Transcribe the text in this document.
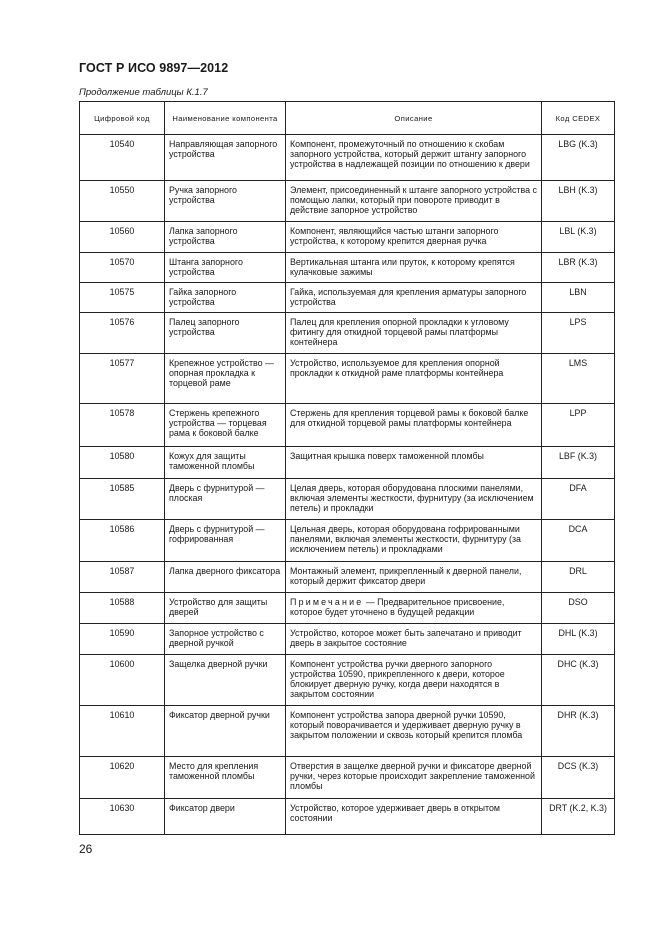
ГОСТ Р ИСО 9897—2012
Продолжение таблицы К.1.7
Цифровой код	Наименование компонента	Описание	Код CEDEX
10540	Направляющая запорного устройства	Компонент, промежуточный по отношению к скобам запорного устройства, который держит штангу запорного устройства в надлежащей позиции по отношению к двери	LBG (K.3)
10550	Ручка запорного устройства	Элемент, присоединенный к штанге запорного устройства с помощью лапки, который при повороте приводит в действие запорное устройство	LBH (K.3)
10560	Лапка запорного устройства	Компонент, являющийся частью штанги запорного устройства, к которому крепится дверная ручка	LBL (K.3)
10570	Штанга запорного устройства	Вертикальная штанга или пруток, к которому крепятся кулачковые зажимы	LBR (K.3)
10575	Гайка запорного устройства	Гайка, используемая для крепления арматуры запорного устройства	LBN
10576	Палец запорного устройства	Палец для крепления опорной прокладки к угловому фитингу для откидной торцевой рамы платформы контейнера	LPS
10577	Крепежное устройство — опорная прокладка к торцевой раме	Устройство, используемое для крепления опорной прокладки к откидной раме платформы контейнера	LMS
10578	Стержень крепежного устройства — торцевая рама к боковой балке	Стержень для крепления торцевой рамы к боковой балке для откидной торцевой рамы платформы контейнера	LPP
10580	Кожух для защиты таможенной пломбы	Защитная крышка поверх таможенной пломбы	LBF (K.3)
10585	Дверь с фурнитурой — плоская	Целая дверь, которая оборудована плоскими панелями, включая элементы жесткости, фурнитуру (за исключением петель) и прокладки	DFA
10586	Дверь с фурнитурой — гофрированная	Цельная дверь, которая оборудована гофрированными панелями, включая элементы жесткости, фурнитуру (за исключением петель) и прокладками	DCA
10587	Лапка дверного фиксатора	Монтажный элемент, прикрепленный к дверной панели, который держит фиксатор двери	DRL
10588	Устройство для защиты дверей	Примечание — Предварительное присвоение, которое будет уточнено в будущей редакции	DSO
10590	Запорное устройство с дверной ручкой	Устройство, которое может быть запечатано и приводит дверь в закрытое состояние	DHL (K.3)
10600	Защелка дверной ручки	Компонент устройства ручки дверного запорного устройства 10590, прикрепленного к двери, которое блокирует дверную ручку, когда двери находятся в закрытом состоянии	DHC (K.3)
10610	Фиксатор дверной ручки	Компонент устройства запора дверной ручки 10590, который поворачивается и удерживает дверную ручку в закрытом положении и сквозь который крепится пломба	DHR (K.3)
10620	Место для крепления таможенной пломбы	Отверстия в защелке дверной ручки и фиксаторе дверной ручки, через которые происходит закрепление таможенной пломбы	DCS (K.3)
10630	Фиксатор двери	Устройство, которое удерживает дверь в открытом состоянии	DRT (K.2, K.3)
26
